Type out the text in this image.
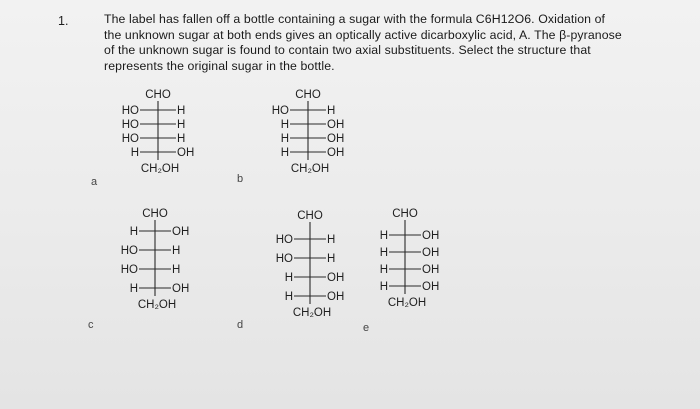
1.	The label has fallen off a bottle containing a sugar with the formula C6H12O6. Oxidation of the unknown sugar at both ends gives an optically active dicarboxylic acid, A. The β-pyranose of the unknown sugar is found to contain two axial substituents. Select the structure that represents the original sugar in the bottle.
a	b
c	d	e
CHO
HO	H
HO	H
HO	H
H	OH
CH₂OH
CHO
HO	H
H	OH
H	OH
H	OH
CH₂OH
CHO
H	OH
HO	H
HO	H
H	OH
CH₂OH
CHO
HO	H
HO	H
H	OH
H	OH
CH₂OH
CHO
H	OH
H	OH
H	OH
H	OH
CH₂OH
